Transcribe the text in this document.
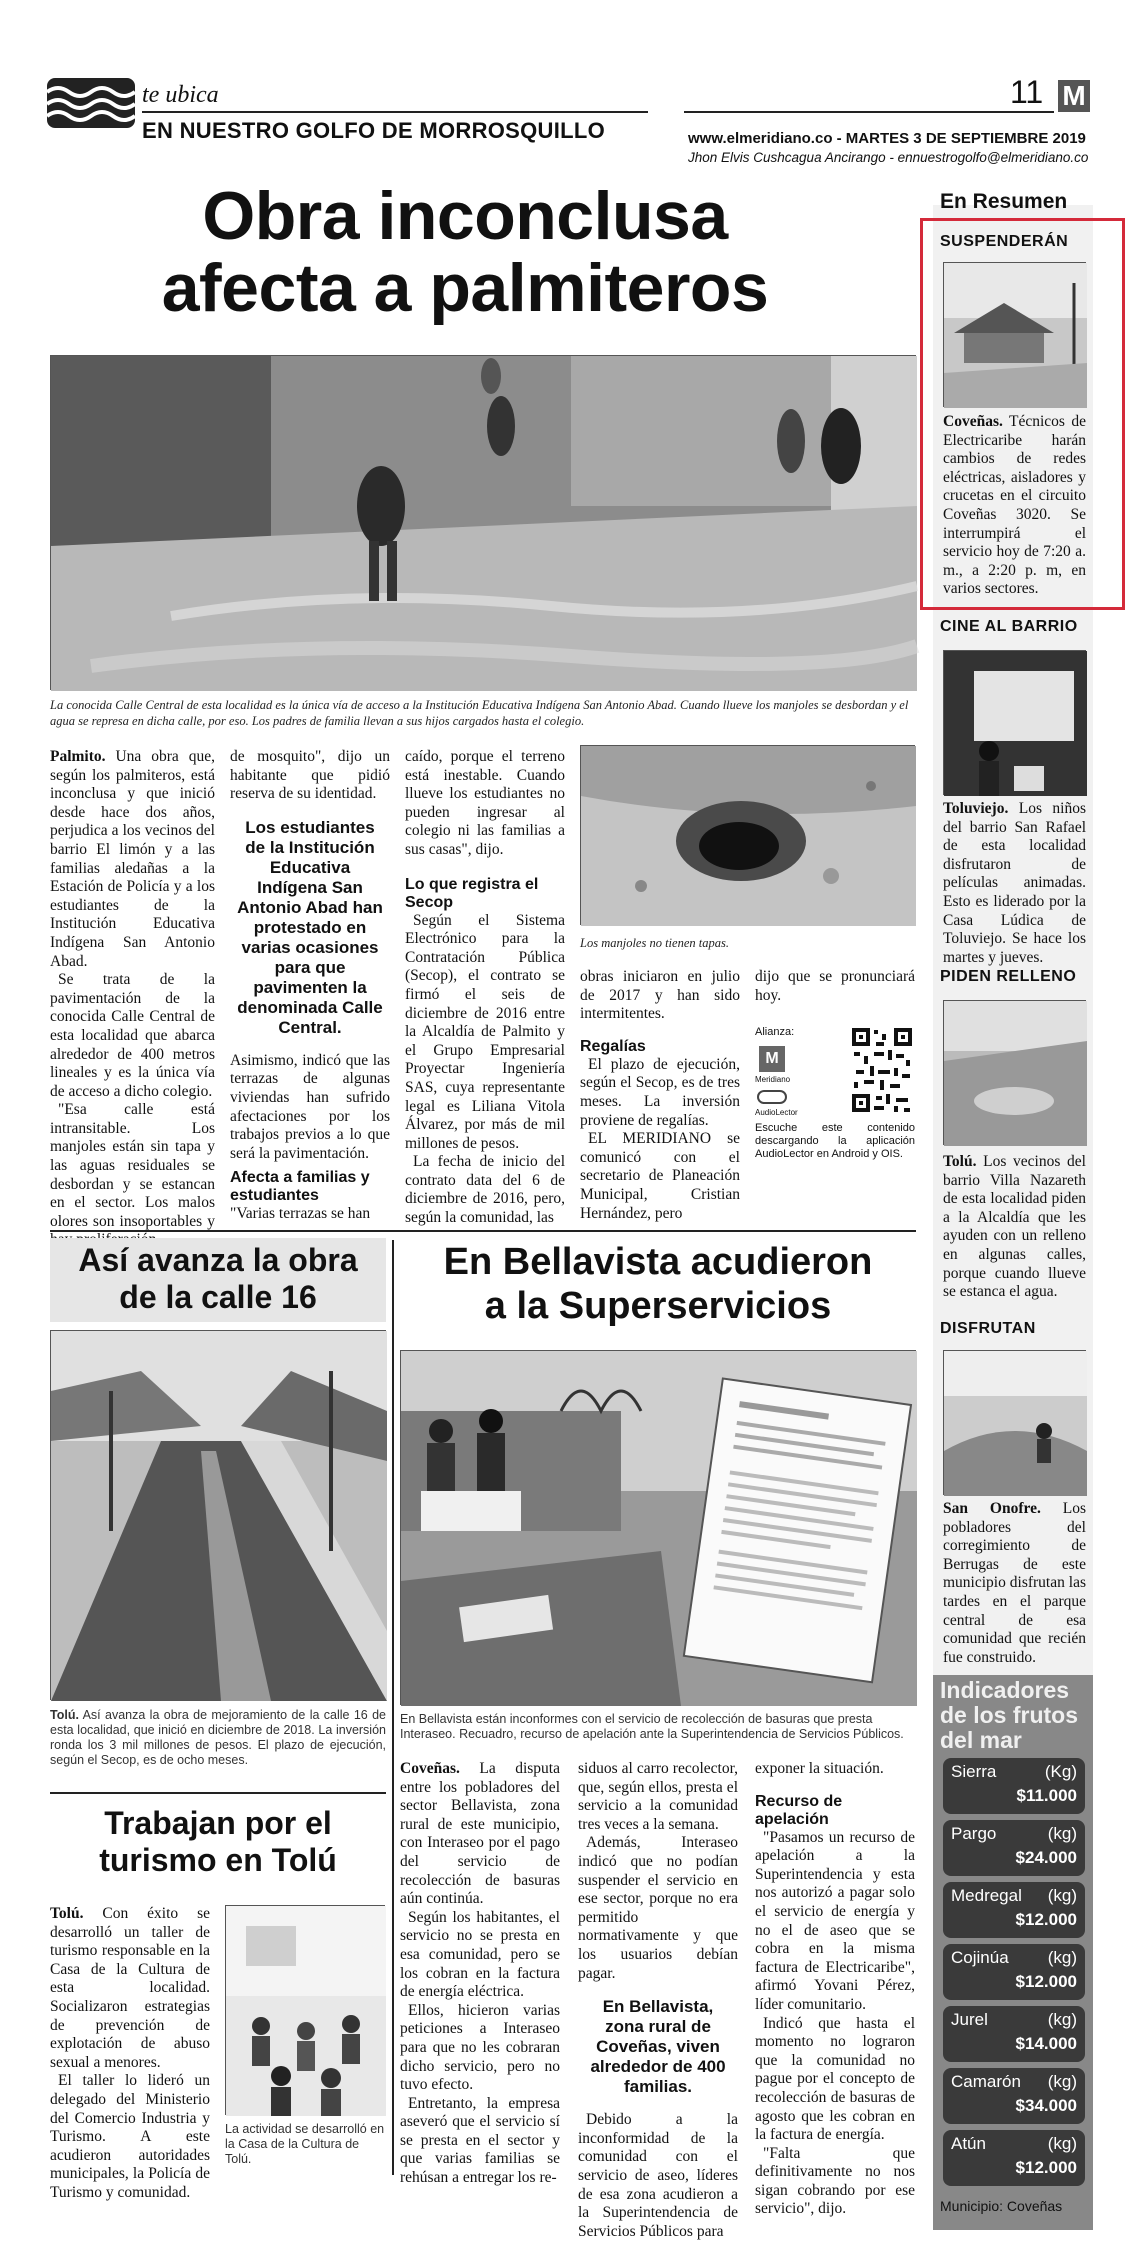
te ubica
EN NUESTRO GOLFO DE MORROSQUILLO
11 M
www.elmeridiano.co - MARTES 3 DE SEPTIEMBRE 2019
Jhon Elvis Cushcagua Ancirango - ennuestrogolfo@elmeridiano.co
Obra inconclusa
afecta a palmiteros
La conocida Calle Central de esta localidad es la única vía de acceso a la Institución Educativa Indígena San Antonio Abad. Cuando llueve los manjoles se desbordan y el agua se represa en dicha calle, por eso. Los padres de familia llevan a sus hijos cargados hasta el colegio.

Palmito. Una obra que, según los palmiteros, está inconclusa y que inició desde hace dos años, perjudica a los vecinos del barrio El limón y a las familias aledañas a la Estación de Policía y a los estudiantes de la Institución Educativa Indígena San Antonio Abad.

Se trata de la pavimentación de la conocida Calle Central de esta localidad que abarca alrededor de 400 metros lineales y es la única vía de acceso a dicho colegio.

"Esa calle está intransitable. Los manjoles están sin tapa y las aguas residuales se desbordan y se estancan en el sector. Los malos olores son insoportables y

de mosquito", dijo un habitante que pidió reserva de su identidad.

Los estudiantes de la Institución Educativa Indígena San Antonio Abad han protestado en varias ocasiones para que pavimenten la denominada Calle Central.

Asimismo, indicó que las terrazas de algunas viviendas han sufrido afectaciones por los trabajos previos a lo que será la pavimentación.

Afecta a familias y estudiantes

"Varias terrazas se han

caído, porque el terreno está inestable. Cuando llueve los estudiantes no pueden ingresar al colegio ni las familias a sus casas", dijo.

Lo que registra el Secop

Según el Sistema Electrónico para la Contratación Pública (Secop), el contrato se firmó el seis de diciembre de 2016 entre la Alcaldía de Palmito y el Grupo Empresarial Proyectar Ingeniería SAS, cuya representante legal es Liliana Vitola Álvarez, por más de mil millones de pesos.

La fecha de inicio del contrato data del 6 de diciembre de 2016, pero, según la comunidad, las

Los manjoles no tienen tapas.

obras iniciaron en julio de 2017 y han sido intermitentes.

Regalías

El plazo de ejecución, según el Secop, es de tres meses. La inversión proviene de regalías.

EL MERIDIANO se comunicó con el secretario de Planeación Municipal, Cristian Hernández, pero

dijo que se pronunciará hoy.

Alianza:
M
Meridiano
AudioLector
Escuche este contenido descargando la aplicación AudioLector en Android y OIS.
Así avanza la obra
de la calle 16
Tolú. Así avanza la obra de mejoramiento de la calle 16 de esta localidad, que inició en diciembre de 2018. La inversión ronda los 3 mil millones de pesos. El plazo de ejecución, según el Secop, es de ocho meses.
Trabajan por el
turismo en Tolú

Tolú. Con éxito se desarrolló un taller de turismo responsable en la Casa de la Cultura de esta localidad. Socializaron estrategias de prevención de explotación de abuso sexual a menores.

El taller lo lideró un delegado del Ministerio del Comercio Industria y Turismo. A este acudieron autoridades municipales, la Policía de Turismo y comunidad.

La actividad se desarrolló en la Casa de la Cultura de Tolú.
En Bellavista acudieron
a la Superservicios
En Bellavista están inconformes con el servicio de recolección de basuras que presta Interaseo. Recuadro, recurso de apelación ante la Superintendencia de Servicios Públicos.

Coveñas. La disputa entre los pobladores del sector Bellavista, zona rural de este municipio, con Interaseo por el pago del servicio de recolección de basuras aún continúa.

Según los habitantes, el servicio no se presta en esa comunidad, pero se los cobran en la factura de energía eléctrica.

Ellos, hicieron varias peticiones a Interaseo para que no les cobraran dicho servicio, pero no tuvo efecto.

Entretanto, la empresa aseveró que el servicio sí se presta en el sector y que varias familias se rehúsan a entregar los re-

siduos al carro recolector, que, según ellos, presta el servicio a la comunidad tres veces a la semana.

Además, Interaseo indicó que no podían suspender el servicio en ese sector, porque no era permitido normativamente y que los usuarios debían pagar.

En Bellavista, zona rural de Coveñas, viven alrededor de 400 familias.

Debido a la inconformidad de la comunidad con el servicio de aseo, líderes de esa zona acudieron a la Superintendencia de Servicios Públicos para

exponer la situación.

Recurso de apelación

"Pasamos un recurso de apelación a la Superintendencia y esta nos autorizó a pagar solo el servicio de energía y no el de aseo que se cobra en la misma factura de Electricaribe", afirmó Yovani Pérez, líder comunitario.

Indicó que hasta el momento no lograron que la comunidad no pague por el concepto de recolección de basuras de agosto que les cobran en la factura de energía.

"Falta que definitivamente no nos sigan cobrando por ese servicio", dijo.

En Resumen
SUSPENDERÁN
Coveñas. Técnicos de Electricaribe harán cambios de redes eléctricas, aisladores y crucetas en el circuito Coveñas 3020. Se interrumpirá el servicio hoy de 7:20 a. m., a 2:20 p. m, en varios sectores.
CINE AL BARRIO
Toluviejo. Los niños del barrio San Rafael de esta localidad disfrutaron de películas animadas. Esto es liderado por la Casa Lúdica de Toluviejo. Se hace los martes y jueves.
PIDEN RELLENO
Tolú. Los vecinos del barrio Villa Nazareth de esta localidad piden a la Alcaldía que les ayuden con un relleno en algunas calles, porque cuando llueve se estanca el agua.
DISFRUTAN
San Onofre. Los pobladores del corregimiento de Berrugas de este municipio disfrutan las tardes en el parque central de esa comunidad que recién fue construido.
Indicadores
de los frutos
del mar
Sierra	(Kg)
$11.000
Pargo	(kg)
$24.000
Medregal (kg)
$12.000
Cojinúa (kg)
$12.000
Jurel	(kg)
$14.000
Camarón (kg)
$34.000
Atún	(kg)
$12.000
Municipio: Coveñas
